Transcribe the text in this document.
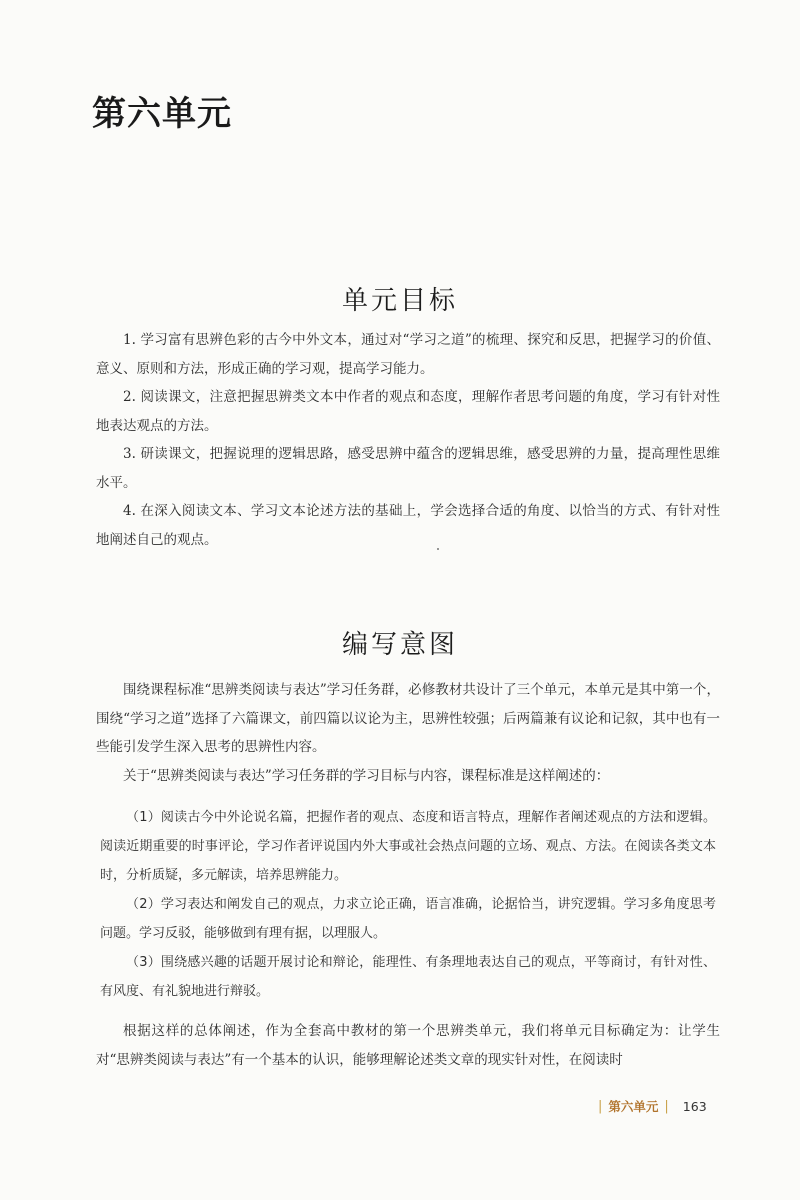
第六单元
单元目标

1. 学习富有思辨色彩的古今中外文本，通过对“学习之道”的梳理、探究和反思，把握学习的价值、意义、原则和方法，形成正确的学习观，提高学习能力。

2. 阅读课文，注意把握思辨类文本中作者的观点和态度，理解作者思考问题的角度，学习有针对性地表达观点的方法。

3. 研读课文，把握说理的逻辑思路，感受思辨中蕴含的逻辑思维，感受思辨的力量，提高理性思维水平。

4. 在深入阅读文本、学习文本论述方法的基础上，学会选择合适的角度、以恰当的方式、有针对性地阐述自己的观点。

编写意图

围绕课程标准“思辨类阅读与表达”学习任务群，必修教材共设计了三个单元，本单元是其中第一个，围绕“学习之道”选择了六篇课文，前四篇以议论为主，思辨性较强；后两篇兼有议论和记叙，其中也有一些能引发学生深入思考的思辨性内容。

关于“思辨类阅读与表达”学习任务群的学习目标与内容，课程标准是这样阐述的：

（1）阅读古今中外论说名篇，把握作者的观点、态度和语言特点，理解作者阐述观点的方法和逻辑。阅读近期重要的时事评论，学习作者评说国内外大事或社会热点问题的立场、观点、方法。在阅读各类文本时，分析质疑，多元解读，培养思辨能力。

（2）学习表达和阐发自己的观点，力求立论正确，语言准确，论据恰当，讲究逻辑。学习多角度思考问题。学习反驳，能够做到有理有据，以理服人。

（3）围绕感兴趣的话题开展讨论和辩论，能理性、有条理地表达自己的观点，平等商讨，有针对性、有风度、有礼貌地进行辩驳。

根据这样的总体阐述，作为全套高中教材的第一个思辨类单元，我们将单元目标确定为：让学生对“思辨类阅读与表达”有一个基本的认识，能够理解论述类文章的现实针对性，在阅读时

| 第六单元 | 163
